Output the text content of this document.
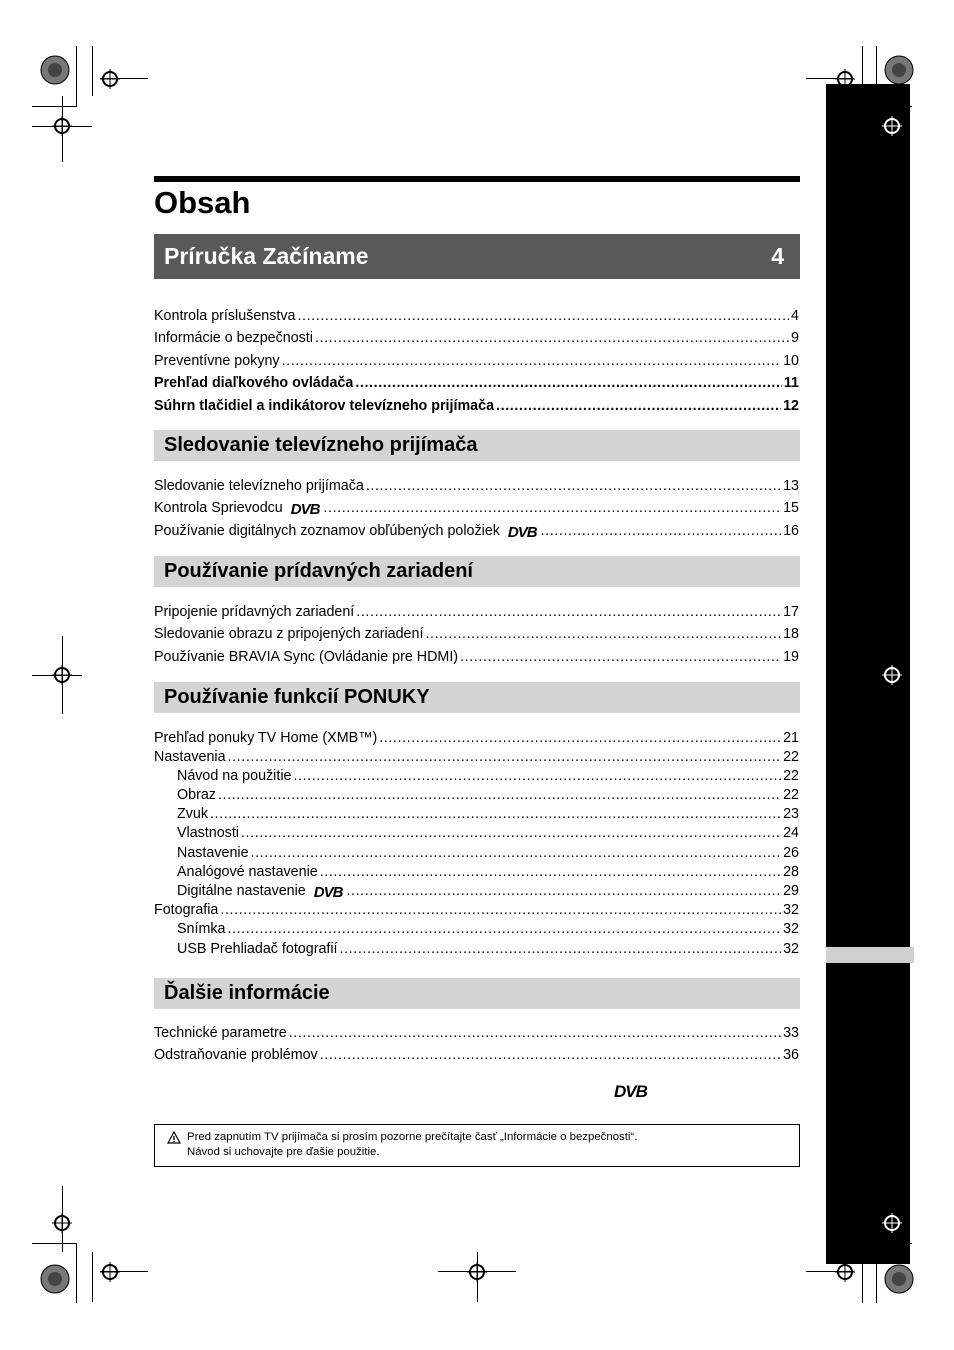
Obsah
Príručka Začíname	4
Kontrola príslušenstva .....	4
Informácie o bezpečnosti .....	9
Preventívne pokyny .....	10
Prehľad diaľkového ovládača .....	11
Súhrn tlačidiel a indikátorov televízneho prijímača .....	12
Sledovanie televízneho prijímača
Sledovanie televízneho prijímača .....	13
Kontrola Sprievodcu DVB .....	15
Používanie digitálnych zoznamov obľúbených položiek DVB .....	16
Používanie prídavných zariadení
Pripojenie prídavných zariadení .....	17
Sledovanie obrazu z pripojených zariadení .....	18
Používanie BRAVIA Sync (Ovládanie pre HDMI) .....	19
Používanie funkcií PONUKY
Prehľad ponuky TV Home (XMB™) .....	21
Nastavenia .....	22
Návod na použitie .....	22
Obraz .....	22
Zvuk .....	23
Vlastnosti .....	24
Nastavenie .....	26
Analógové nastavenie .....	28
Digitálne nastavenie DVB .....	29
Fotografia .....	32
Snímka .....	32
USB Prehliadač fotografií .....	32
Ďalšie informácie
Technické parametre .....	33
Odstraňovanie problémov .....	36
DVB
Pred zapnutím TV prijímača si prosím pozorne prečítajte časť „Informácie o bezpečnosti“.
Návod si uchovajte pre ďašie použitie.
